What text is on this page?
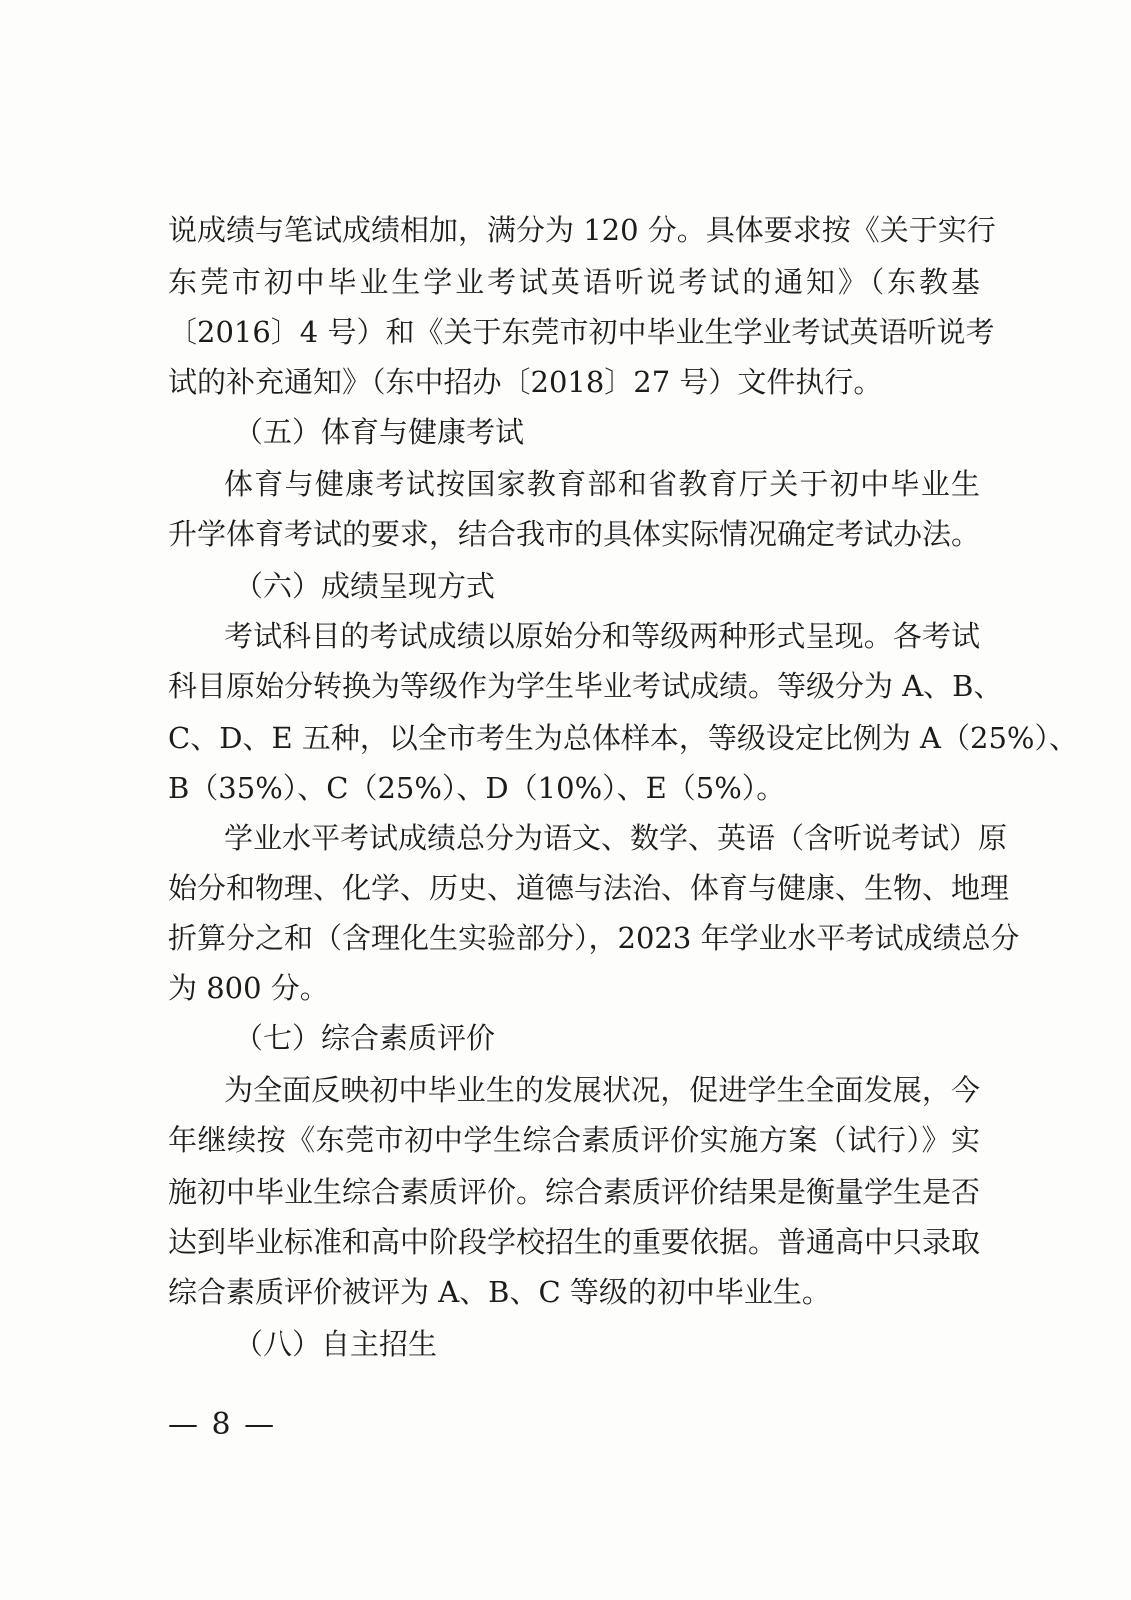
说成绩与笔试成绩相加，满分为 120 分。具体要求按《关于实行
东莞市初中毕业生学业考试英语听说考试的通知》（东教基
〔2016〕4 号）和《关于东莞市初中毕业生学业考试英语听说考
试的补充通知》（东中招办〔2018〕27 号）文件执行。
（五）体育与健康考试
体育与健康考试按国家教育部和省教育厅关于初中毕业生
升学体育考试的要求，结合我市的具体实际情况确定考试办法。
（六）成绩呈现方式
考试科目的考试成绩以原始分和等级两种形式呈现。各考试
科目原始分转换为等级作为学生毕业考试成绩。等级分为 A、B、
C、D、E 五种，以全市考生为总体样本，等级设定比例为 A（25%）、
B（35%）、C（25%）、D（10%）、E（5%）。
学业水平考试成绩总分为语文、数学、英语（含听说考试）原
始分和物理、化学、历史、道德与法治、体育与健康、生物、地理
折算分之和（含理化生实验部分），2023 年学业水平考试成绩总分
为 800 分。
（七）综合素质评价
为全面反映初中毕业生的发展状况，促进学生全面发展，今
年继续按《东莞市初中学生综合素质评价实施方案（试行）》实
施初中毕业生综合素质评价。综合素质评价结果是衡量学生是否
达到毕业标准和高中阶段学校招生的重要依据。普通高中只录取
综合素质评价被评为 A、B、C 等级的初中毕业生。
（八）自主招生
— 8 —
